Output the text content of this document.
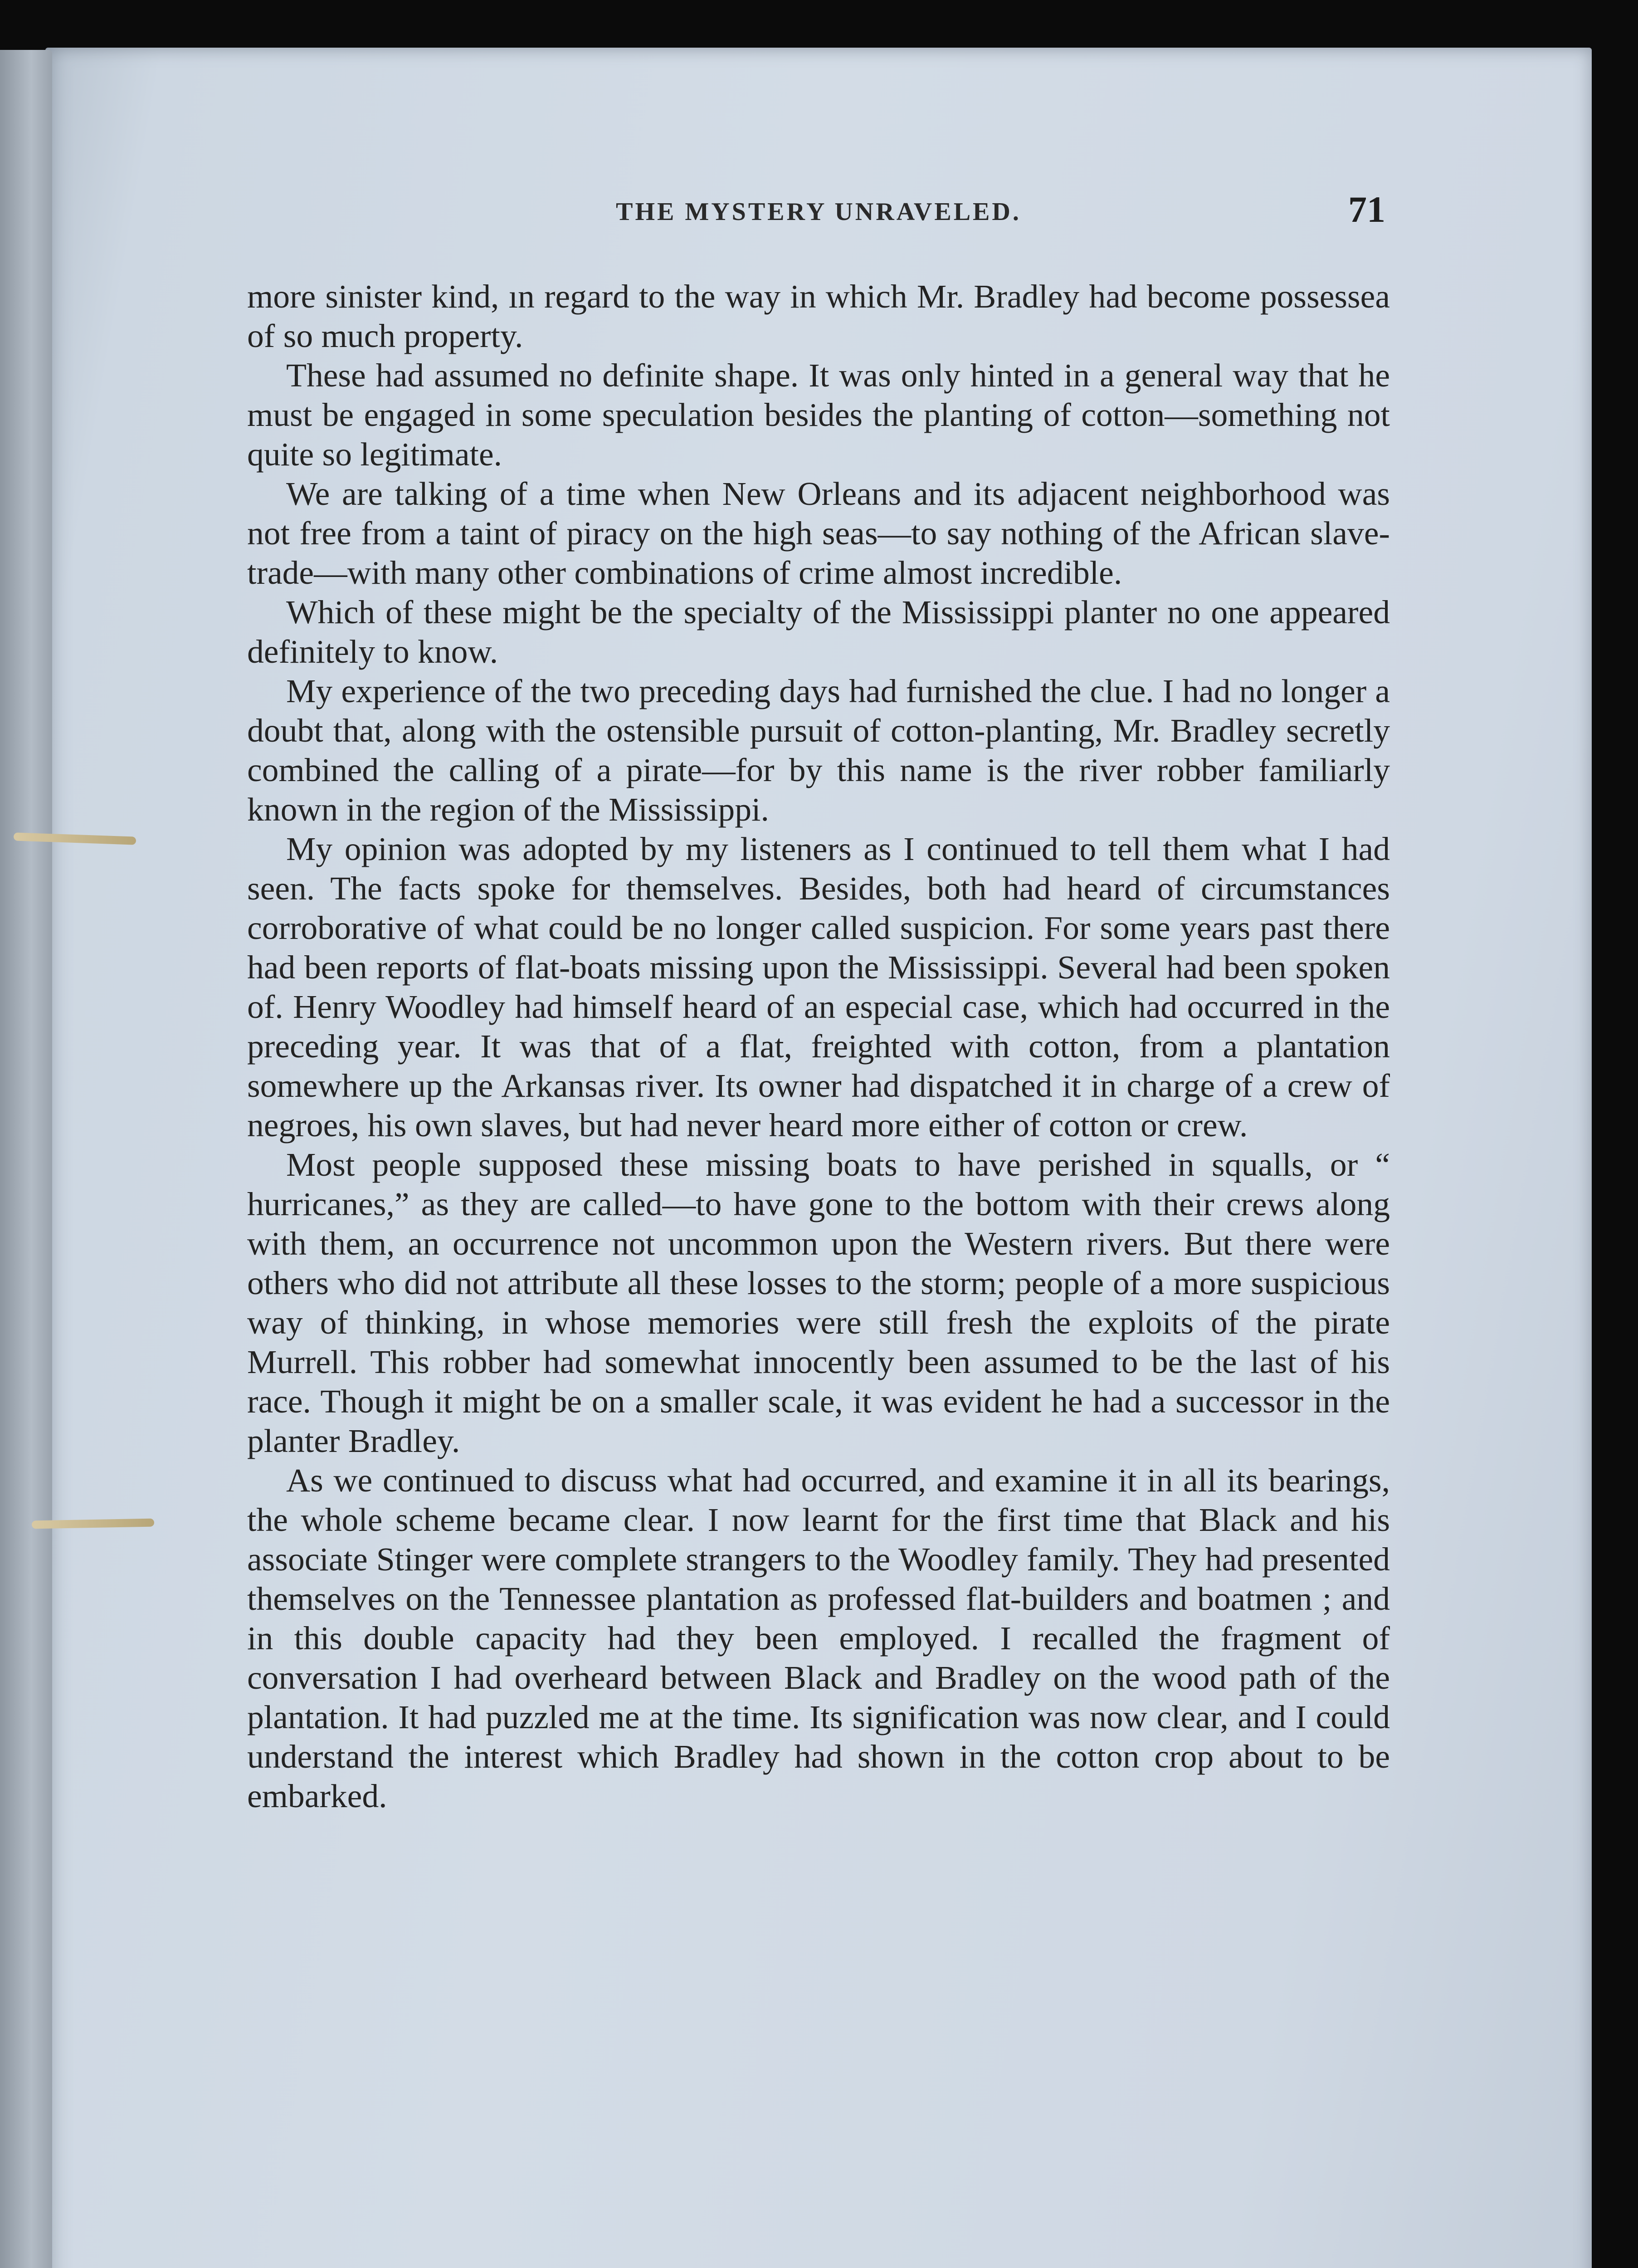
THE MYSTERY UNRAVELED.	71

more sinister kind, ın regard to the way in which Mr. Bradley had become possessea of so much property.

These had assumed no definite shape. It was only hinted in a general way that he must be engaged in some speculation besides the planting of cotton—something not quite so legitimate.

We are talking of a time when New Orleans and its adjacent neighborhood was not free from a taint of piracy on the high seas—to say nothing of the African slave-trade—with many other combinations of crime almost incredible.

Which of these might be the specialty of the Mississippi planter no one appeared definitely to know.

My experience of the two preceding days had furnished the clue. I had no longer a doubt that, along with the ostensible pursuit of cotton-planting, Mr. Bradley secretly combined the calling of a pirate—for by this name is the river robber familiarly known in the region of the Mississippi.

My opinion was adopted by my listeners as I continued to tell them what I had seen. The facts spoke for themselves. Besides, both had heard of circumstances corroborative of what could be no longer called suspicion. For some years past there had been reports of flat-boats missing upon the Mississippi. Several had been spoken of. Henry Woodley had himself heard of an especial case, which had occurred in the preceding year. It was that of a flat, freighted with cotton, from a plantation somewhere up the Arkansas river. Its owner had dispatched it in charge of a crew of negroes, his own slaves, but had never heard more either of cotton or crew.

Most people supposed these missing boats to have perished in squalls, or “ hurricanes,” as they are called—to have gone to the bottom with their crews along with them, an occurrence not uncommon upon the Western rivers. But there were others who did not attribute all these losses to the storm; people of a more suspicious way of thinking, in whose memories were still fresh the exploits of the pirate Murrell. This robber had somewhat innocently been assumed to be the last of his race. Though it might be on a smaller scale, it was evident he had a successor in the planter Bradley.

As we continued to discuss what had occurred, and examine it in all its bearings, the whole scheme became clear. I now learnt for the first time that Black and his associate Stinger were complete strangers to the Woodley family. They had presented themselves on the Tennessee plantation as professed flat-builders and boatmen ; and in this double capacity had they been employed. I recalled the fragment of conversation I had overheard between Black and Bradley on the wood path of the plantation. It had puzzled me at the time. Its signification was now clear, and I could understand the interest which Bradley had shown in the cotton crop about to be embarked.
